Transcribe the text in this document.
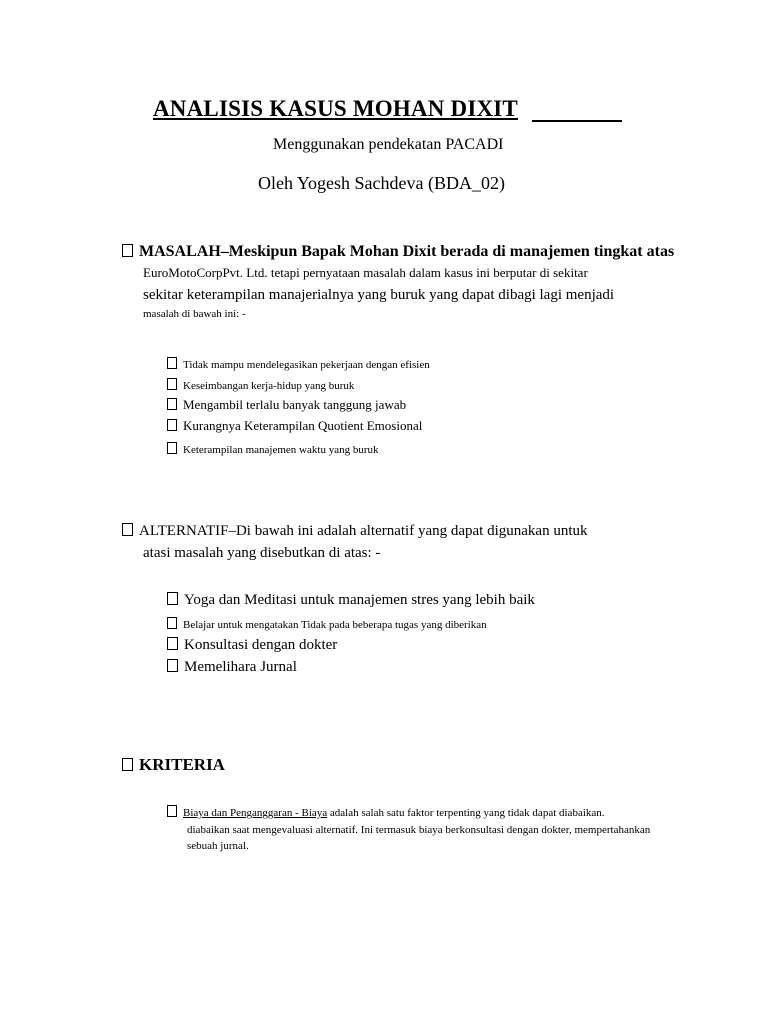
ANALISIS KASUS MOHAN DIXIT
Menggunakan pendekatan PACADI
Oleh Yogesh Sachdeva (BDA_02)
MASALAH–Meskipun Bapak Mohan Dixit berada di manajemen tingkat atas
EuroMotoCorpPvt. Ltd. tetapi pernyataan masalah dalam kasus ini berputar di sekitar
sekitar keterampilan manajerialnya yang buruk yang dapat dibagi lagi menjadi
masalah di bawah ini: -
Tidak mampu mendelegasikan pekerjaan dengan efisien
Keseimbangan kerja-hidup yang buruk
Mengambil terlalu banyak tanggung jawab
Kurangnya Keterampilan Quotient Emosional
Keterampilan manajemen waktu yang buruk
ALTERNATIF–Di bawah ini adalah alternatif yang dapat digunakan untuk
atasi masalah yang disebutkan di atas: -
Yoga dan Meditasi untuk manajemen stres yang lebih baik
Belajar untuk mengatakan Tidak pada beberapa tugas yang diberikan
Konsultasi dengan dokter
Memelihara Jurnal
KRITERIA
Biaya dan Penganggaran - Biaya adalah salah satu faktor terpenting yang tidak dapat diabaikan.
diabaikan saat mengevaluasi alternatif. Ini termasuk biaya berkonsultasi dengan dokter, mempertahankan
sebuah jurnal.
